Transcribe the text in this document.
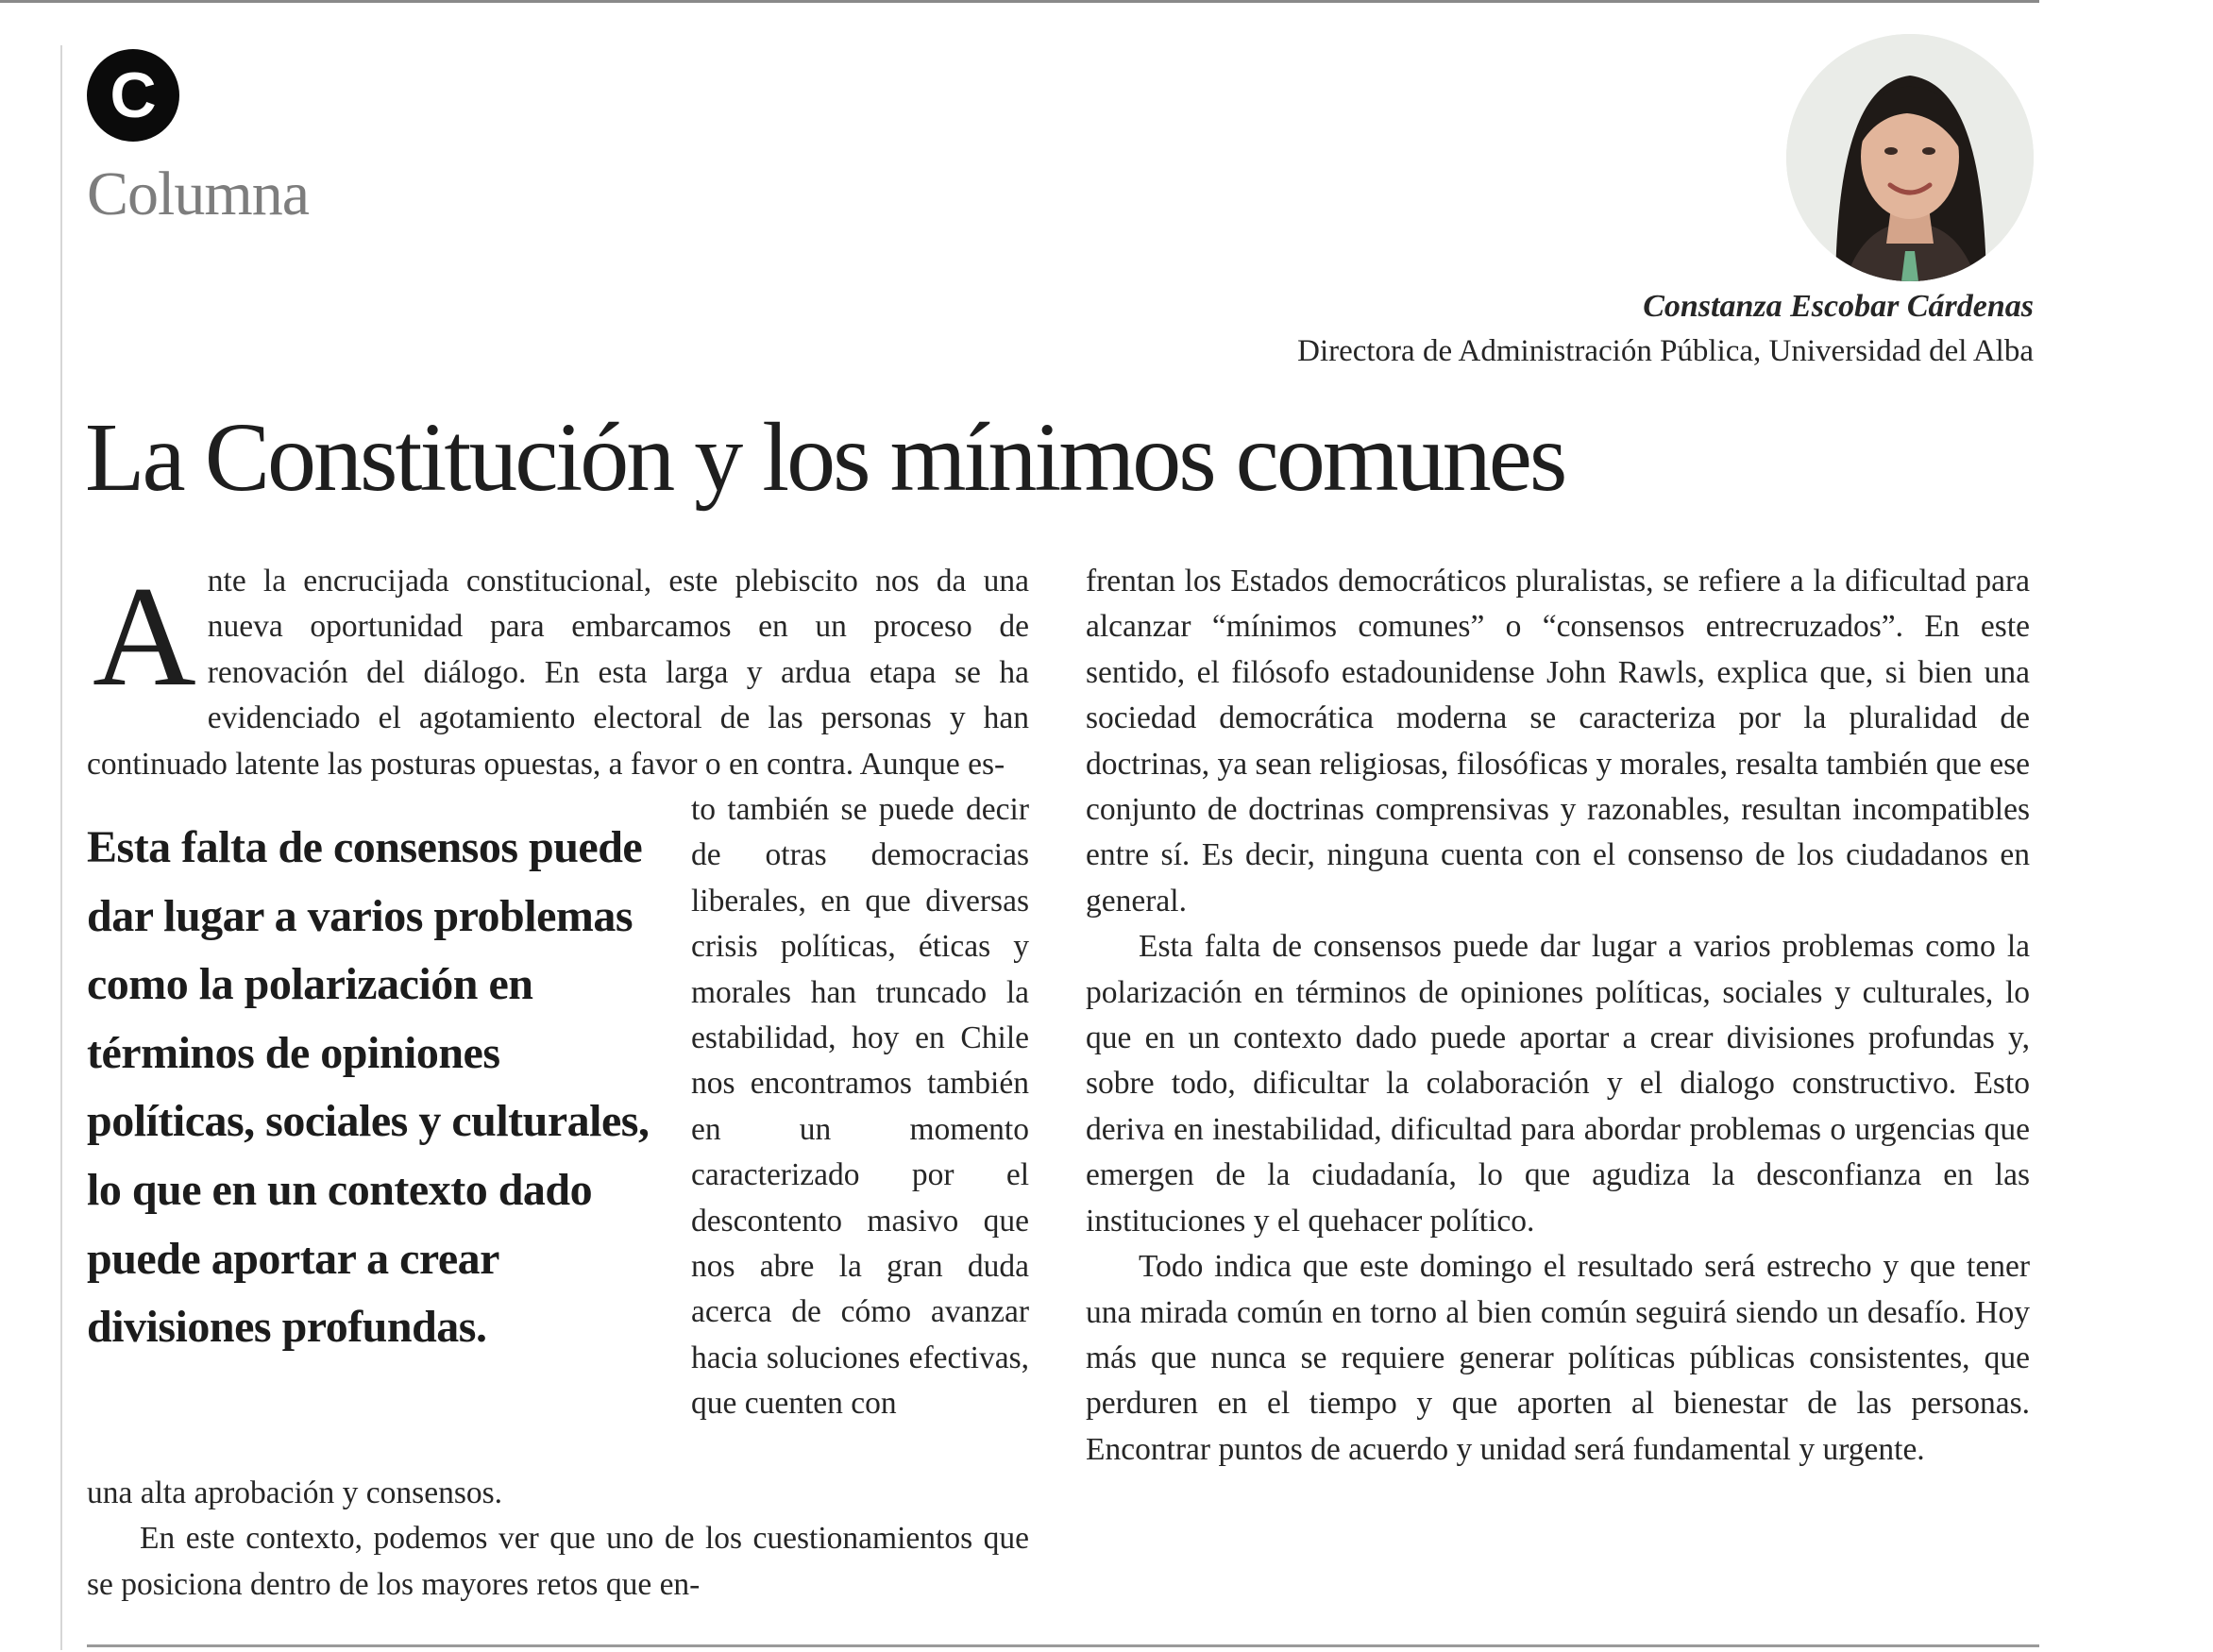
C
Columna
Constanza Escobar Cárdenas
Directora de Administración Pública, Universidad del Alba
La Constitución y los mínimos comunes

Ante la encrucijada constitucional, este plebiscito nos da una nueva oportunidad para embarcamos en un proceso de renovación del diálogo. En esta larga y ardua etapa se ha evidenciado el agotamiento electoral de las personas y han continuado latente las posturas opuestas, a favor o en contra. Aunque es-

Esta falta de consensos puede dar lugar a varios problemas como la polarización en términos de opiniones políticas, sociales y culturales, lo que en un contexto dado puede aportar a crear divisiones profundas.

to también se puede decir de otras democracias liberales, en que diversas crisis políticas, éticas y morales han truncado la estabilidad, hoy en Chile nos encontramos también en un momento caracterizado por el descontento masivo que nos abre la gran duda acerca de cómo avanzar hacia soluciones efectivas, que cuenten con

una alta aprobación y consensos.

En este contexto, podemos ver que uno de los cuestionamientos que se posiciona dentro de los mayores retos que en-

frentan los Estados democráticos pluralistas, se refiere a la dificultad para alcanzar “mínimos comunes” o “consensos entrecruzados”. En este sentido, el filósofo estadounidense John Rawls, explica que, si bien una sociedad democrática moderna se caracteriza por la pluralidad de doctrinas, ya sean religiosas, filosóficas y morales, resalta también que ese conjunto de doctrinas comprensivas y razonables, resultan incompatibles entre sí. Es decir, ninguna cuenta con el consenso de los ciudadanos en general.

Esta falta de consensos puede dar lugar a varios problemas como la polarización en términos de opiniones políticas, sociales y culturales, lo que en un contexto dado puede aportar a crear divisiones profundas y, sobre todo, dificultar la colaboración y el dialogo constructivo. Esto deriva en inestabilidad, dificultad para abordar problemas o urgencias que emergen de la ciudadanía, lo que agudiza la desconfianza en las instituciones y el quehacer político.

Todo indica que este domingo el resultado será estrecho y que tener una mirada común en torno al bien común seguirá siendo un desafío. Hoy más que nunca se requiere generar políticas públicas consistentes, que perduren en el tiempo y que aporten al bienestar de las personas. Encontrar puntos de acuerdo y unidad será fundamental y urgente.
